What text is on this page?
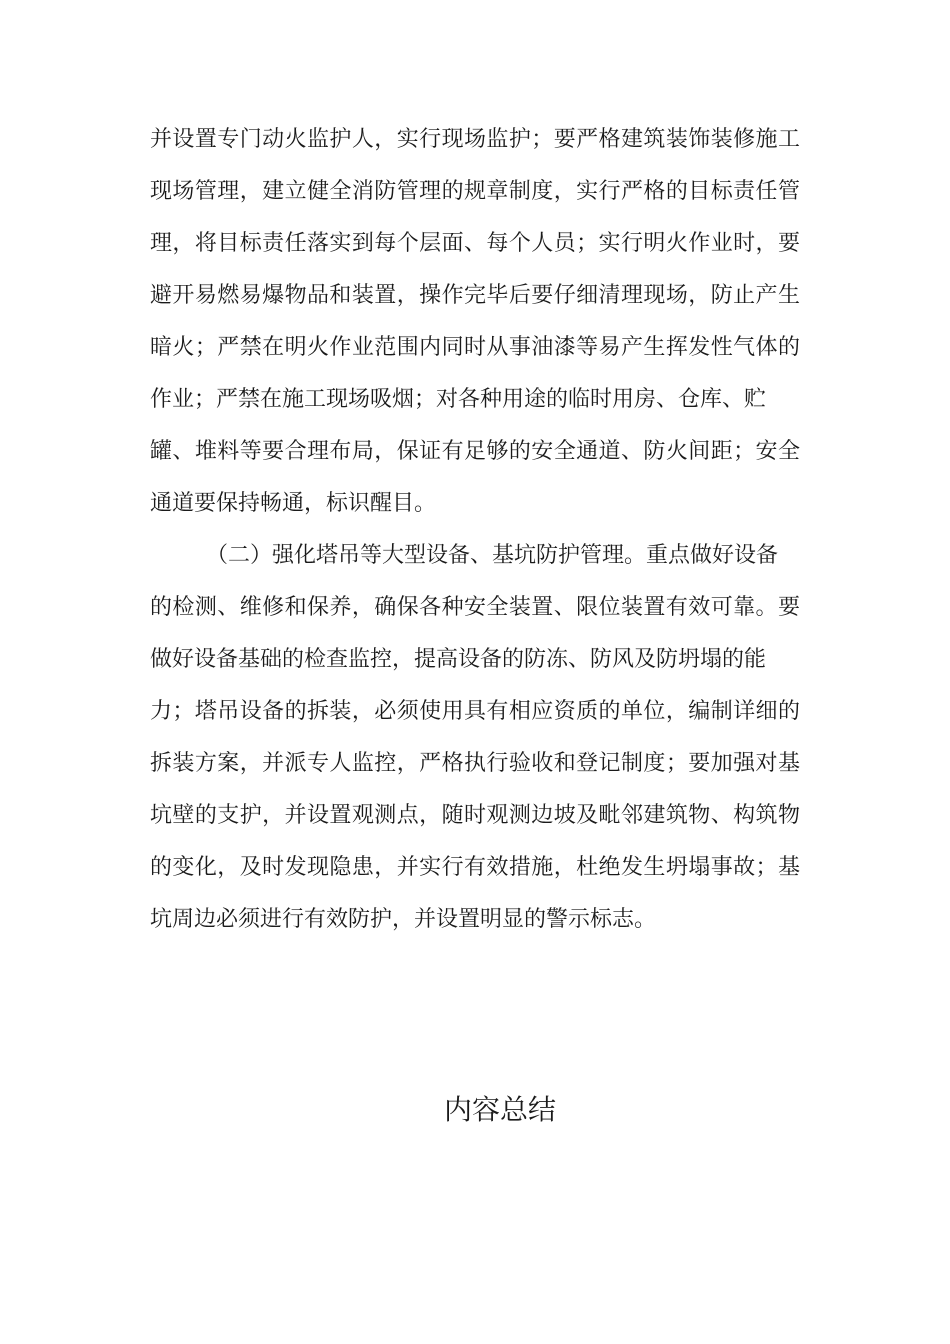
并设置专门动火监护人，实行现场监护；要严格建筑装饰装修施工
现场管理，建立健全消防管理的规章制度，实行严格的目标责任管
理，将目标责任落实到每个层面、每个人员；实行明火作业时，要
避开易燃易爆物品和装置，操作完毕后要仔细清理现场，防止产生
暗火；严禁在明火作业范围内同时从事油漆等易产生挥发性气体的
作业；严禁在施工现场吸烟；对各种用途的临时用房、仓库、贮
罐、堆料等要合理布局，保证有足够的安全通道、防火间距；安全
通道要保持畅通，标识醒目。
（二）强化塔吊等大型设备、基坑防护管理。重点做好设备
的检测、维修和保养，确保各种安全装置、限位装置有效可靠。要
做好设备基础的检查监控，提高设备的防冻、防风及防坍塌的能
力；塔吊设备的拆装，必须使用具有相应资质的单位，编制详细的
拆装方案，并派专人监控，严格执行验收和登记制度；要加强对基
坑壁的支护，并设置观测点，随时观测边坡及毗邻建筑物、构筑物
的变化，及时发现隐患，并实行有效措施，杜绝发生坍塌事故；基
坑周边必须进行有效防护，并设置明显的警示标志。
内容总结
